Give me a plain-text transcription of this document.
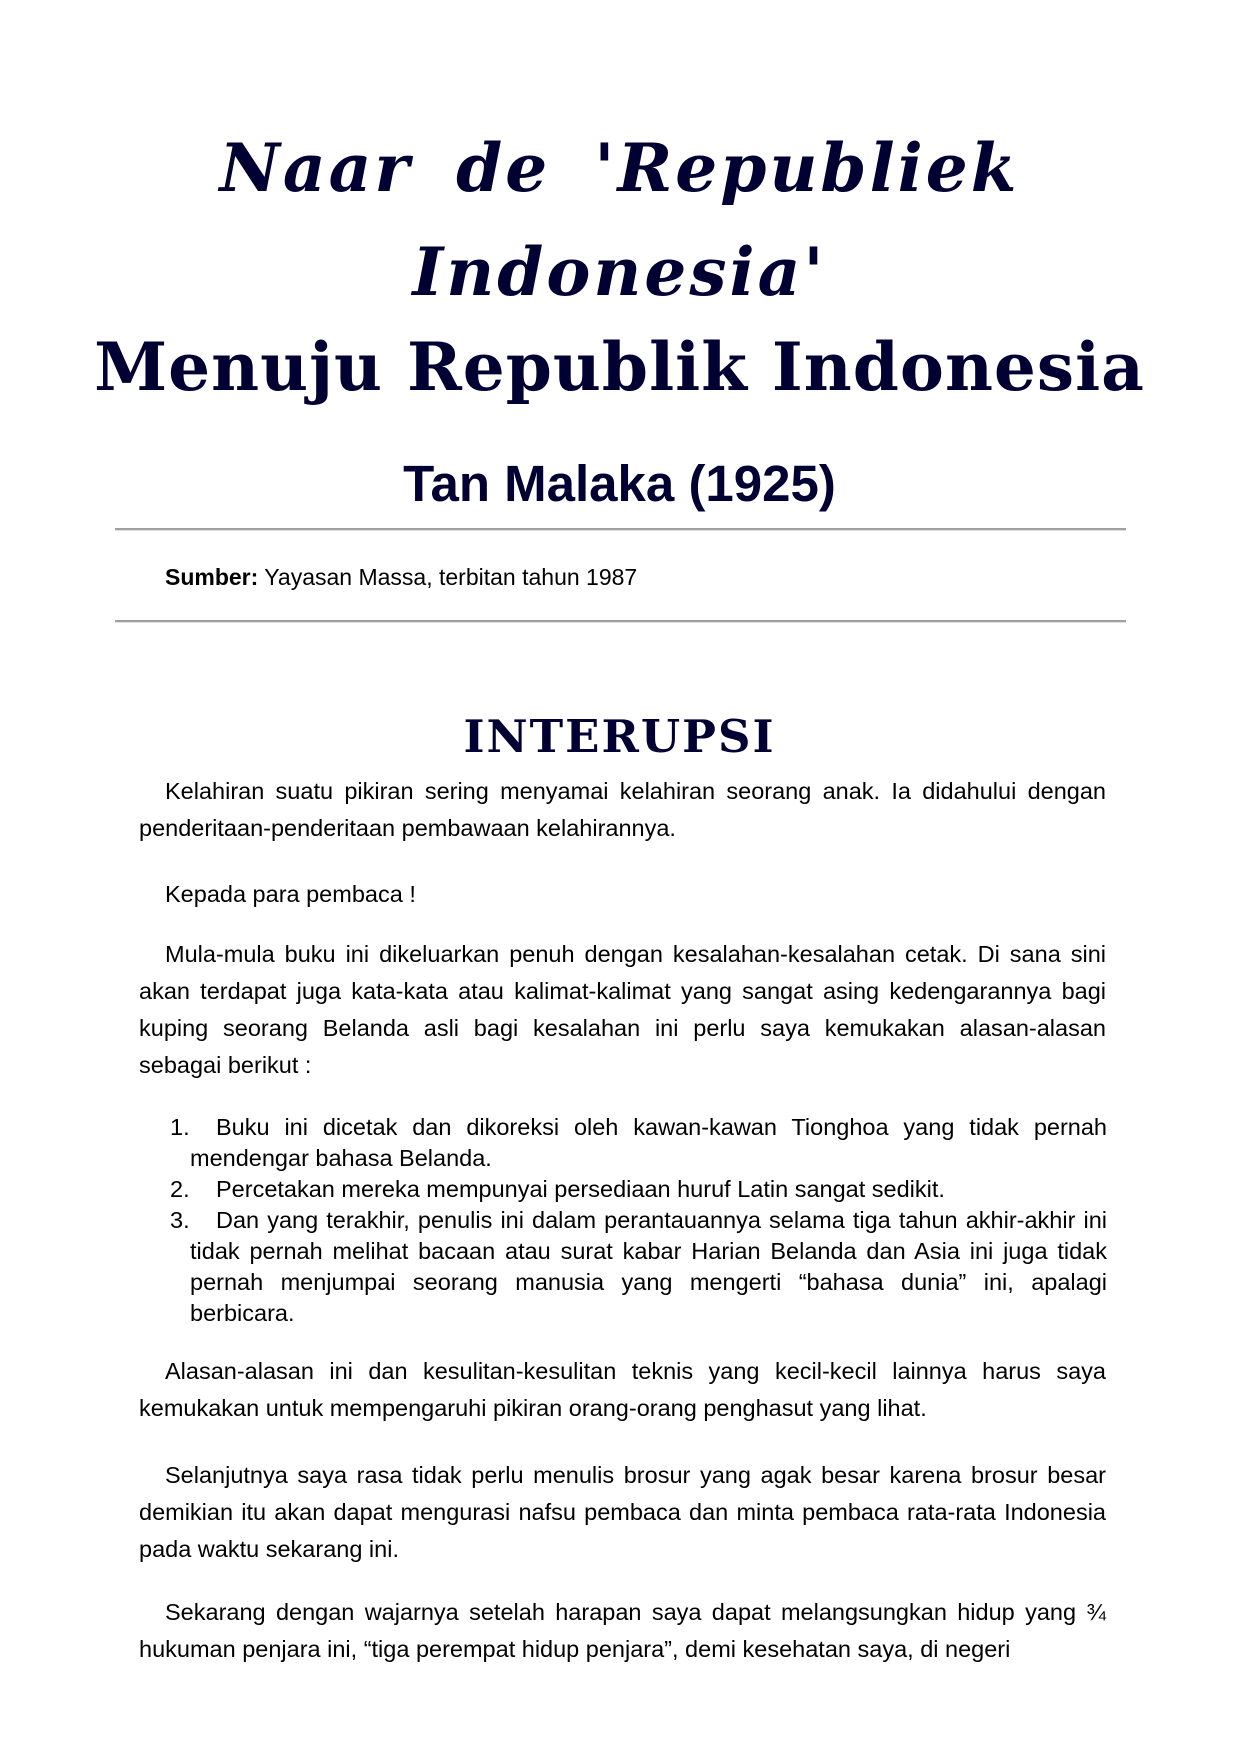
Naar de 'Republiek Indonesia'
Menuju Republik Indonesia
Tan Malaka (1925)
Sumber: Yayasan Massa, terbitan tahun 1987
INTERUPSI

Kelahiran suatu pikiran sering menyamai kelahiran seorang anak. Ia didahului dengan penderitaan-penderitaan pembawaan kelahirannya.

Kepada para pembaca !

Mula-mula buku ini dikeluarkan penuh dengan kesalahan-kesalahan cetak. Di sana sini akan terdapat juga kata-kata atau kalimat-kalimat yang sangat asing kedengarannya bagi kuping seorang Belanda asli bagi kesalahan ini perlu saya kemukakan alasan-alasan sebagai berikut :

1.	Buku ini dicetak dan dikoreksi oleh kawan-kawan Tionghoa yang tidak pernah mendengar bahasa Belanda.
2.	Percetakan mereka mempunyai persediaan huruf Latin sangat sedikit.
3.	Dan yang terakhir, penulis ini dalam perantauannya selama tiga tahun akhir-akhir ini tidak pernah melihat bacaan atau surat kabar Harian Belanda dan Asia ini juga tidak pernah menjumpai seorang manusia yang mengerti “bahasa dunia” ini, apalagi berbicara.

Alasan-alasan ini dan kesulitan-kesulitan teknis yang kecil-kecil lainnya harus saya kemukakan untuk mempengaruhi pikiran orang-orang penghasut yang lihat.

Selanjutnya saya rasa tidak perlu menulis brosur yang agak besar karena brosur besar demikian itu akan dapat mengurasi nafsu pembaca dan minta pembaca rata-rata Indonesia pada waktu sekarang ini.

Sekarang dengan wajarnya setelah harapan saya dapat melangsungkan hidup yang ¾ hukuman penjara ini, “tiga perempat hidup penjara”, demi kesehatan saya, di negeri
